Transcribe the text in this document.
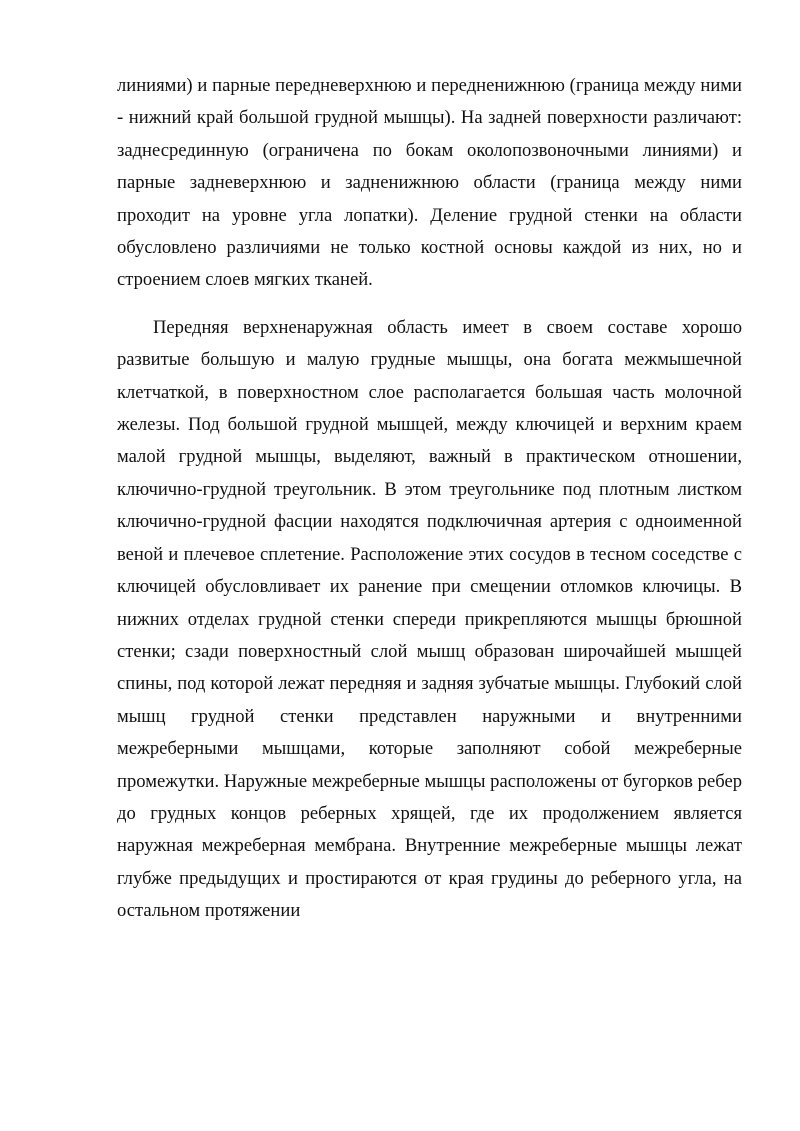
линиями) и парные передневерхнюю и передненижнюю (граница между ними - нижний край большой грудной мышцы). На задней поверхности различают: заднесрединную (ограничена по бокам околопозвоночными линиями) и парные задневерхнюю и задненижнюю области (граница между ними проходит на уровне угла лопатки). Деление грудной стенки на области обусловлено различиями не только костной основы каждой из них, но и строением слоев мягких тканей.

Передняя верхненаружная область имеет в своем составе хорошо развитые большую и малую грудные мышцы, она богата межмышечной клетчаткой, в поверхностном слое располагается большая часть молочной железы. Под большой грудной мышцей, между ключицей и верхним краем малой грудной мышцы, выделяют, важный в практическом отношении, ключично-грудной треугольник. В этом треугольнике под плотным листком ключично-грудной фасции находятся подключичная артерия с одноименной веной и плечевое сплетение. Расположение этих сосудов в тесном соседстве с ключицей обусловливает их ранение при смещении отломков ключицы. В нижних отделах грудной стенки спереди прикрепляются мышцы брюшной стенки; сзади поверхностный слой мышц образован широчайшей мышцей спины, под которой лежат передняя и задняя зубчатые мышцы. Глубокий слой мышц грудной стенки представлен наружными и внутренними межреберными мышцами, которые заполняют собой межреберные промежутки. Наружные межреберные мышцы расположены от бугорков ребер до грудных концов реберных хрящей, где их продолжением является наружная межреберная мембрана. Внутренние межреберные мышцы лежат глубже предыдущих и простираются от края грудины до реберного угла, на остальном протяжении
